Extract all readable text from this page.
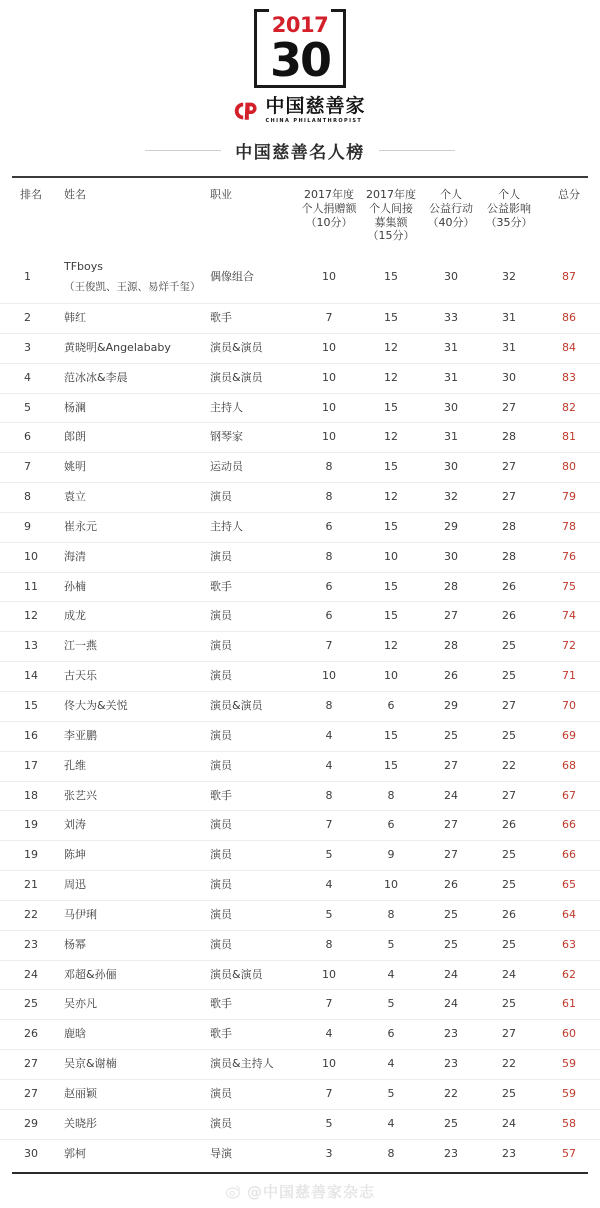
2017
30
中国慈善家
CHINA PHILANTHROPIST
中国慈善名人榜
排名	姓名	职业	2017年度
个人捐赠额
（10分）	2017年度
个人间接
募集额
（15分）	个人
公益行动
（40分）	个人
公益影响
（35分）	总分
1	TFboys
（王俊凯、王源、易烊千玺）	偶像组合	10	15	30	32	87
2	韩红	歌手	7	15	33	31	86
3	黄晓明&Angelababy	演员&演员	10	12	31	31	84
4	范冰冰&李晨	演员&演员	10	12	31	30	83
5	杨澜	主持人	10	15	30	27	82
6	郎朗	钢琴家	10	12	31	28	81
7	姚明	运动员	8	15	30	27	80
8	袁立	演员	8	12	32	27	79
9	崔永元	主持人	6	15	29	28	78
10	海清	演员	8	10	30	28	76
11	孙楠	歌手	6	15	28	26	75
12	成龙	演员	6	15	27	26	74
13	江一燕	演员	7	12	28	25	72
14	古天乐	演员	10	10	26	25	71
15	佟大为&关悦	演员&演员	8	6	29	27	70
16	李亚鹏	演员	4	15	25	25	69
17	孔维	演员	4	15	27	22	68
18	张艺兴	歌手	8	8	24	27	67
19	刘涛	演员	7	6	27	26	66
19	陈坤	演员	5	9	27	25	66
21	周迅	演员	4	10	26	25	65
22	马伊琍	演员	5	8	25	26	64
23	杨幂	演员	8	5	25	25	63
24	邓超&孙俪	演员&演员	10	4	24	24	62
25	吴亦凡	歌手	7	5	24	25	61
26	鹿晗	歌手	4	6	23	27	60
27	吴京&谢楠	演员&主持人	10	4	23	22	59
27	赵丽颖	演员	7	5	22	25	59
29	关晓彤	演员	5	4	25	24	58
30	郭柯	导演	3	8	23	23	57
@中国慈善家杂志
